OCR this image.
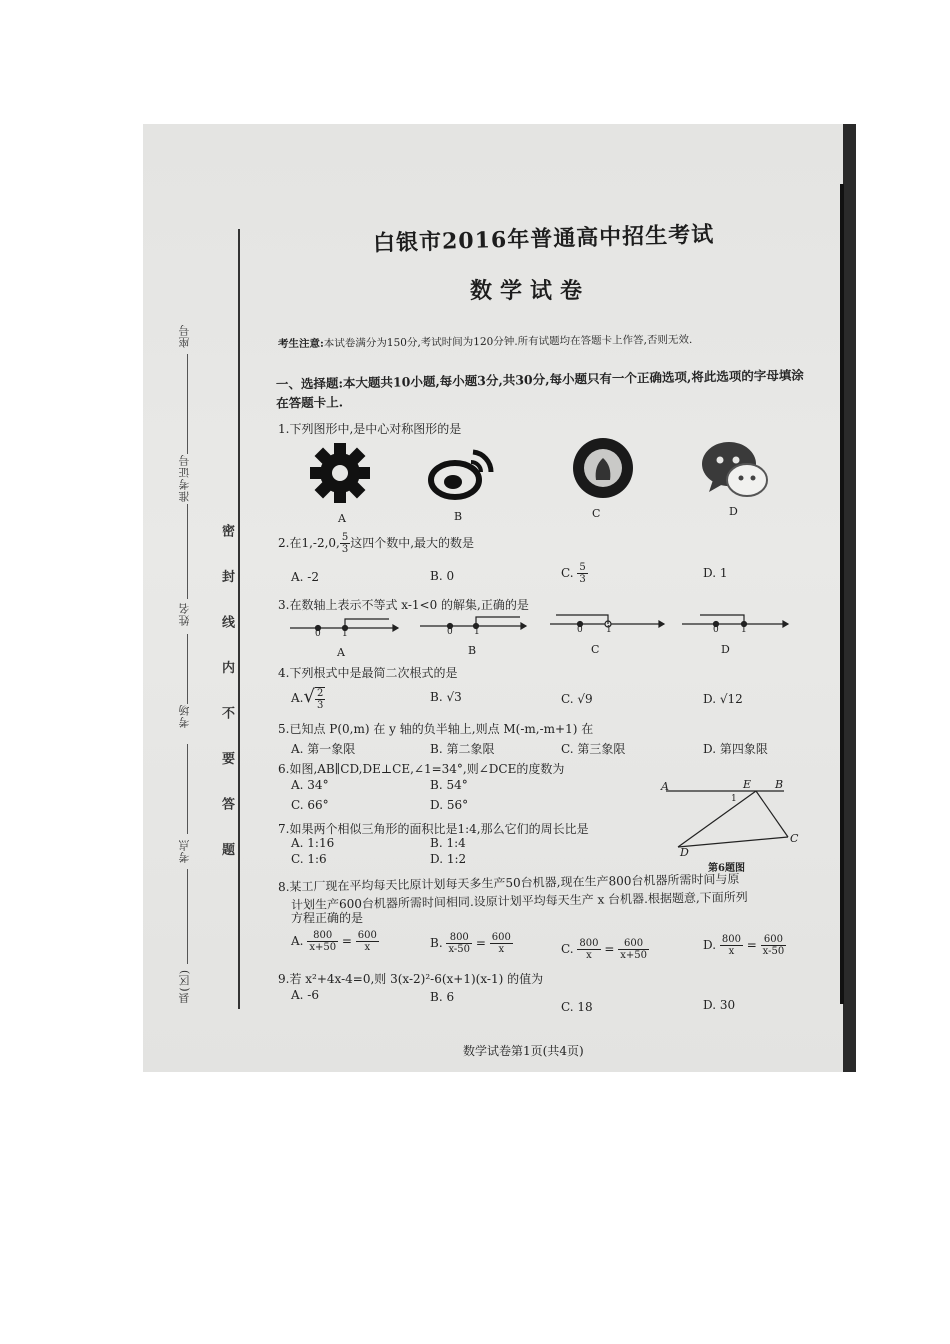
座号
准考证号
姓名
考场
考点
县(区)
密 封 线 内 不 要 答 题
白银市2016年普通高中招生考试
数学试卷
考生注意:本试卷满分为150分,考试时间为120分钟.所有试题均在答题卡上作答,否则无效.
一、选择题:本大题共10小题,每小题3分,共30分,每小题只有一个正确选项,将此选项的字母填涂在答题卡上.
1.下列图形中,是中心对称图形的是
A	B	C	D
2.在1,-2,0, $\frac{5}{3}$ 这四个数中,最大的数是
A. -2	B. 0	C. $\frac{5}{3}$	D. 1
3.在数轴上表示不等式 x-1<0 的解集,正确的是
0 1	0 1	0	1	0 1
A	B	C	D
4.下列根式中是最简二次根式的是
$A.√ \frac{2}{3}$	B. √3	C. √9	D. √12
5.已知点 P(0,m) 在 y 轴的负半轴上,则点 M(-m,-m+1) 在
A. 第一象限	B. 第二象限	C. 第三象限	D. 第四象限
6.如图,AB∥CD,DE⊥CE,∠1=34°,则∠DCE的度数为
A. 34°	B. 54°
C. 66°	D. 56°
A	B
E
1
C
D
第6题图
7.如果两个相似三角形的面积比是1:4,那么它们的周长比是
A. 1:16	B. 1:4
C. 1:6	D. 1:2
8.某工厂现在平均每天比原计划每天多生产50台机器,现在生产800台机器所需时间与原
计划生产600台机器所需时间相同.设原计划平均每天生产 x 台机器.根据题意,下面所列
方程正确的是
A. $\frac{800}{x+50} = \frac{600}{x}$	B. $\frac{800}{x-50} = \frac{600}{x}$	C. $\frac{800}{x} = \frac{600}{x+50}$	D. $\frac{800}{x} = \frac{600}{x-50}$
9.若 x²+4x-4=0,则 3(x-2)²-6(x+1)(x-1) 的值为
A. -6	B. 6
C. 18	D. 30
数学试卷第1页(共4页)
